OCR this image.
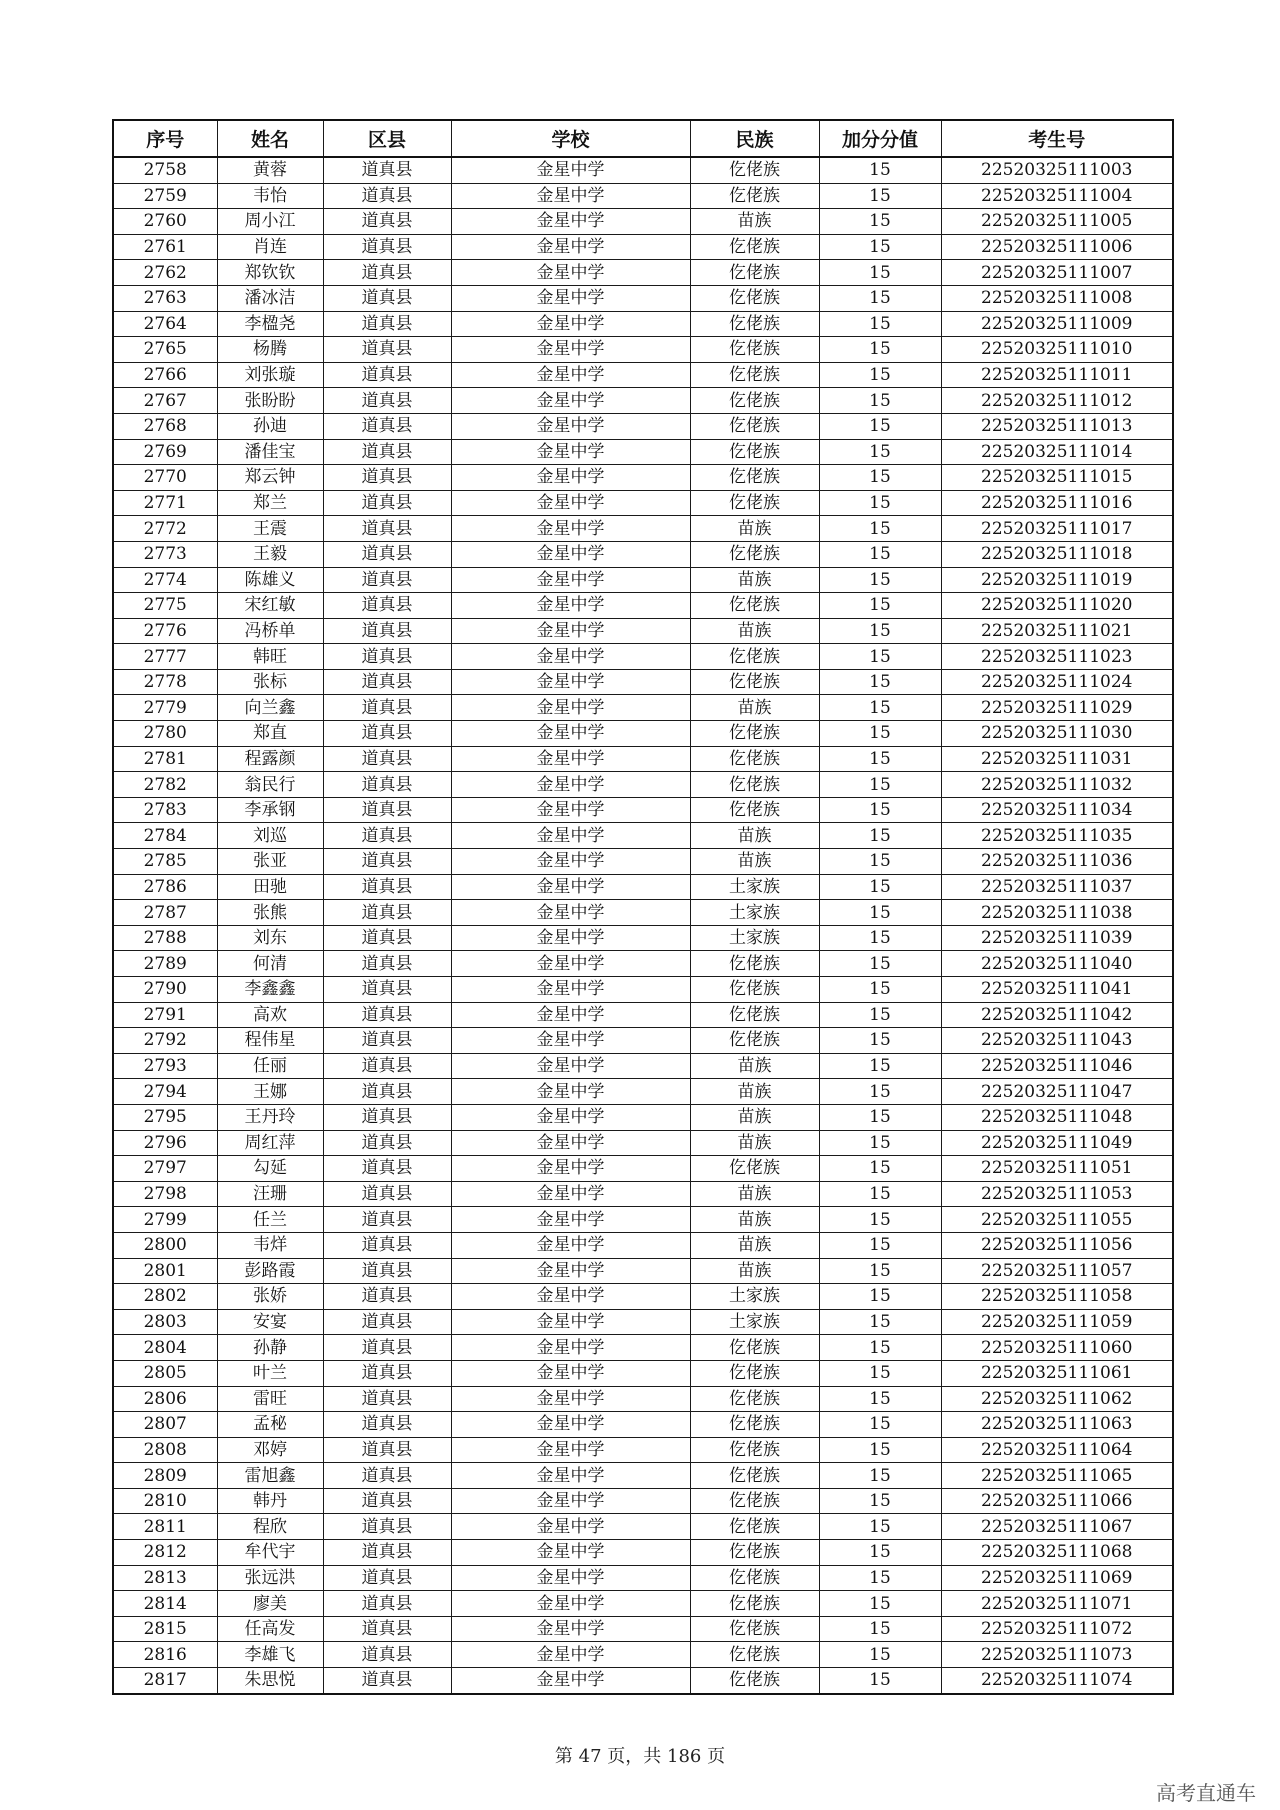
序号	姓名	区县	学校	民族	加分分值	考生号
2758	黄蓉	道真县	金星中学	仡佬族	15	22520325111003
2759	韦怡	道真县	金星中学	仡佬族	15	22520325111004
2760	周小江	道真县	金星中学	苗族	15	22520325111005
2761	肖连	道真县	金星中学	仡佬族	15	22520325111006
2762	郑钦钦	道真县	金星中学	仡佬族	15	22520325111007
2763	潘冰洁	道真县	金星中学	仡佬族	15	22520325111008
2764	李楹尧	道真县	金星中学	仡佬族	15	22520325111009
2765	杨腾	道真县	金星中学	仡佬族	15	22520325111010
2766	刘张璇	道真县	金星中学	仡佬族	15	22520325111011
2767	张盼盼	道真县	金星中学	仡佬族	15	22520325111012
2768	孙迪	道真县	金星中学	仡佬族	15	22520325111013
2769	潘佳宝	道真县	金星中学	仡佬族	15	22520325111014
2770	郑云钟	道真县	金星中学	仡佬族	15	22520325111015
2771	郑兰	道真县	金星中学	仡佬族	15	22520325111016
2772	王震	道真县	金星中学	苗族	15	22520325111017
2773	王毅	道真县	金星中学	仡佬族	15	22520325111018
2774	陈雄义	道真县	金星中学	苗族	15	22520325111019
2775	宋红敏	道真县	金星中学	仡佬族	15	22520325111020
2776	冯桥单	道真县	金星中学	苗族	15	22520325111021
2777	韩旺	道真县	金星中学	仡佬族	15	22520325111023
2778	张标	道真县	金星中学	仡佬族	15	22520325111024
2779	向兰鑫	道真县	金星中学	苗族	15	22520325111029
2780	郑直	道真县	金星中学	仡佬族	15	22520325111030
2781	程露颜	道真县	金星中学	仡佬族	15	22520325111031
2782	翁民行	道真县	金星中学	仡佬族	15	22520325111032
2783	李承钢	道真县	金星中学	仡佬族	15	22520325111034
2784	刘巡	道真县	金星中学	苗族	15	22520325111035
2785	张亚	道真县	金星中学	苗族	15	22520325111036
2786	田驰	道真县	金星中学	土家族	15	22520325111037
2787	张熊	道真县	金星中学	土家族	15	22520325111038
2788	刘东	道真县	金星中学	土家族	15	22520325111039
2789	何清	道真县	金星中学	仡佬族	15	22520325111040
2790	李鑫鑫	道真县	金星中学	仡佬族	15	22520325111041
2791	高欢	道真县	金星中学	仡佬族	15	22520325111042
2792	程伟星	道真县	金星中学	仡佬族	15	22520325111043
2793	任丽	道真县	金星中学	苗族	15	22520325111046
2794	王娜	道真县	金星中学	苗族	15	22520325111047
2795	王丹玲	道真县	金星中学	苗族	15	22520325111048
2796	周红萍	道真县	金星中学	苗族	15	22520325111049
2797	勾延	道真县	金星中学	仡佬族	15	22520325111051
2798	汪珊	道真县	金星中学	苗族	15	22520325111053
2799	任兰	道真县	金星中学	苗族	15	22520325111055
2800	韦烊	道真县	金星中学	苗族	15	22520325111056
2801	彭路霞	道真县	金星中学	苗族	15	22520325111057
2802	张娇	道真县	金星中学	土家族	15	22520325111058
2803	安宴	道真县	金星中学	土家族	15	22520325111059
2804	孙静	道真县	金星中学	仡佬族	15	22520325111060
2805	叶兰	道真县	金星中学	仡佬族	15	22520325111061
2806	雷旺	道真县	金星中学	仡佬族	15	22520325111062
2807	孟秘	道真县	金星中学	仡佬族	15	22520325111063
2808	邓婷	道真县	金星中学	仡佬族	15	22520325111064
2809	雷旭鑫	道真县	金星中学	仡佬族	15	22520325111065
2810	韩丹	道真县	金星中学	仡佬族	15	22520325111066
2811	程欣	道真县	金星中学	仡佬族	15	22520325111067
2812	牟代宇	道真县	金星中学	仡佬族	15	22520325111068
2813	张远洪	道真县	金星中学	仡佬族	15	22520325111069
2814	廖美	道真县	金星中学	仡佬族	15	22520325111071
2815	任高发	道真县	金星中学	仡佬族	15	22520325111072
2816	李雄飞	道真县	金星中学	仡佬族	15	22520325111073
2817	朱思悦	道真县	金星中学	仡佬族	15	22520325111074
第 47 页，共 186 页
高考直通车
